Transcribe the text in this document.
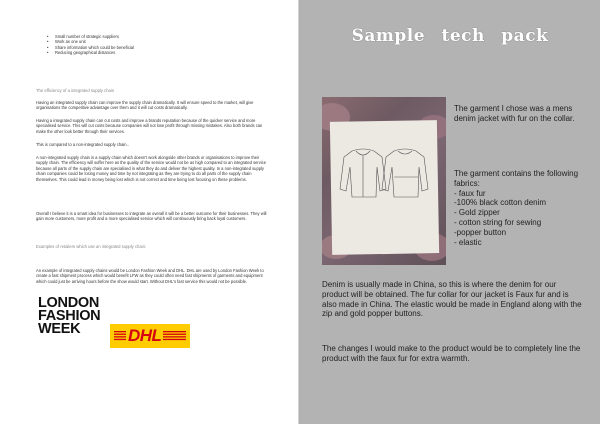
• Small number of strategic suppliers
• Work as one unit
• Share information which could be beneficial
• Reducing geographical distances
The efficiency of a integrated supply chain
Having an integrated supply chain can improve the supply chain dramatically. It will ensure speed to the market, will give organisations the competitive advantage over them and it will cut costs dramatically.
Having a integrated supply chain can cut costs and improve a brands reputation because of the quicker service and more specialised service. This will cut costs because companies will not lose profit through missing mistakes. Also both brands can make the other look better through their services.
This is compared to a non-integrated supply chain..
A non-integrated supply chain is a supply chain which doesn't work alongside other brands or organisations to improve their supply chain. The efficiency will suffer here as the quality of the service would not be as high compared to an integrated service because all parts of the supply chain are specialised in what they do and deliver the highest quality. In a non-integrated supply chain companies could be losing money and time by not integrating as they are trying to do all parts of the supply chain themselves. This could lead in money being lost which is not correct and time being lost focusing on these problems.
Overall I believe it is a smart idea for businesses to integrate as overall it will be a better outcome for their businesses. They will gain more customers, more profit and a more specialised service which will continuously bring back loyal customers.
Examples of retailers which use an integrated supply chain:
An example of integrated supply chains would be London Fashion Week and DHL. DHL are used by London Fashion Week to create a fast shipment process which would benefit LFW as they could often need fast shipments of garments and equipment which could just be arriving hours before the show would start. Without DHL's fast service this would not be possible.
LONDON
FASHION
WEEK	DHL
Sample tech pack

The garment I chose was a mens denim jacket with fur on the collar.

The garment contains the following fabrics:

- faux fur

-100% black cotton denim

- Gold zipper

- cotton string for sewing

-popper button

- elastic

Denim is usually made in China, so this is where the denim for our product will be obtained. The fur collar for our jacket is Faux fur and is also made in China. The elastic would be made in England along with the zip and gold popper buttons.

The changes I would make to the product would be to completely line the product with the faux fur for extra warmth.
